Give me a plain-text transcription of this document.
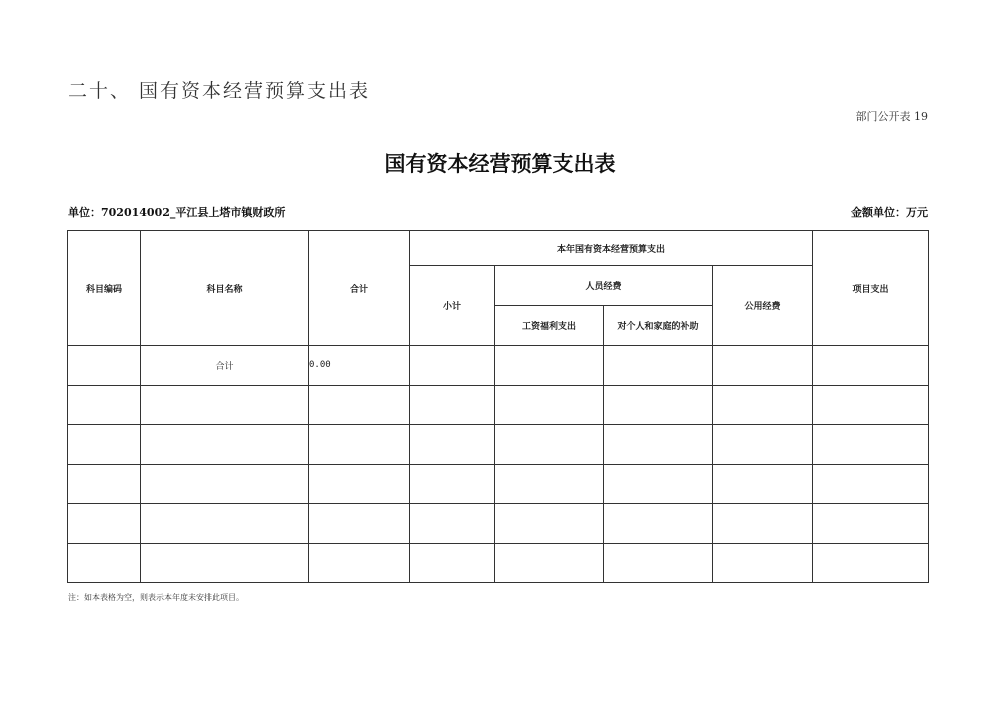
二十、 国有资本经营预算支出表
部门公开表 19
国有资本经营预算支出表
单位：702014002_平江县上塔市镇财政所	金额单位：万元
科目编码	科目名称	合计	本年国有资本经营预算支出				项目支出
			小计	人员经费		公用经费	
				工资福利支出	对个人和家庭的补助		
	合计	0.00					

注：如本表格为空，则表示本年度未安排此项目。
